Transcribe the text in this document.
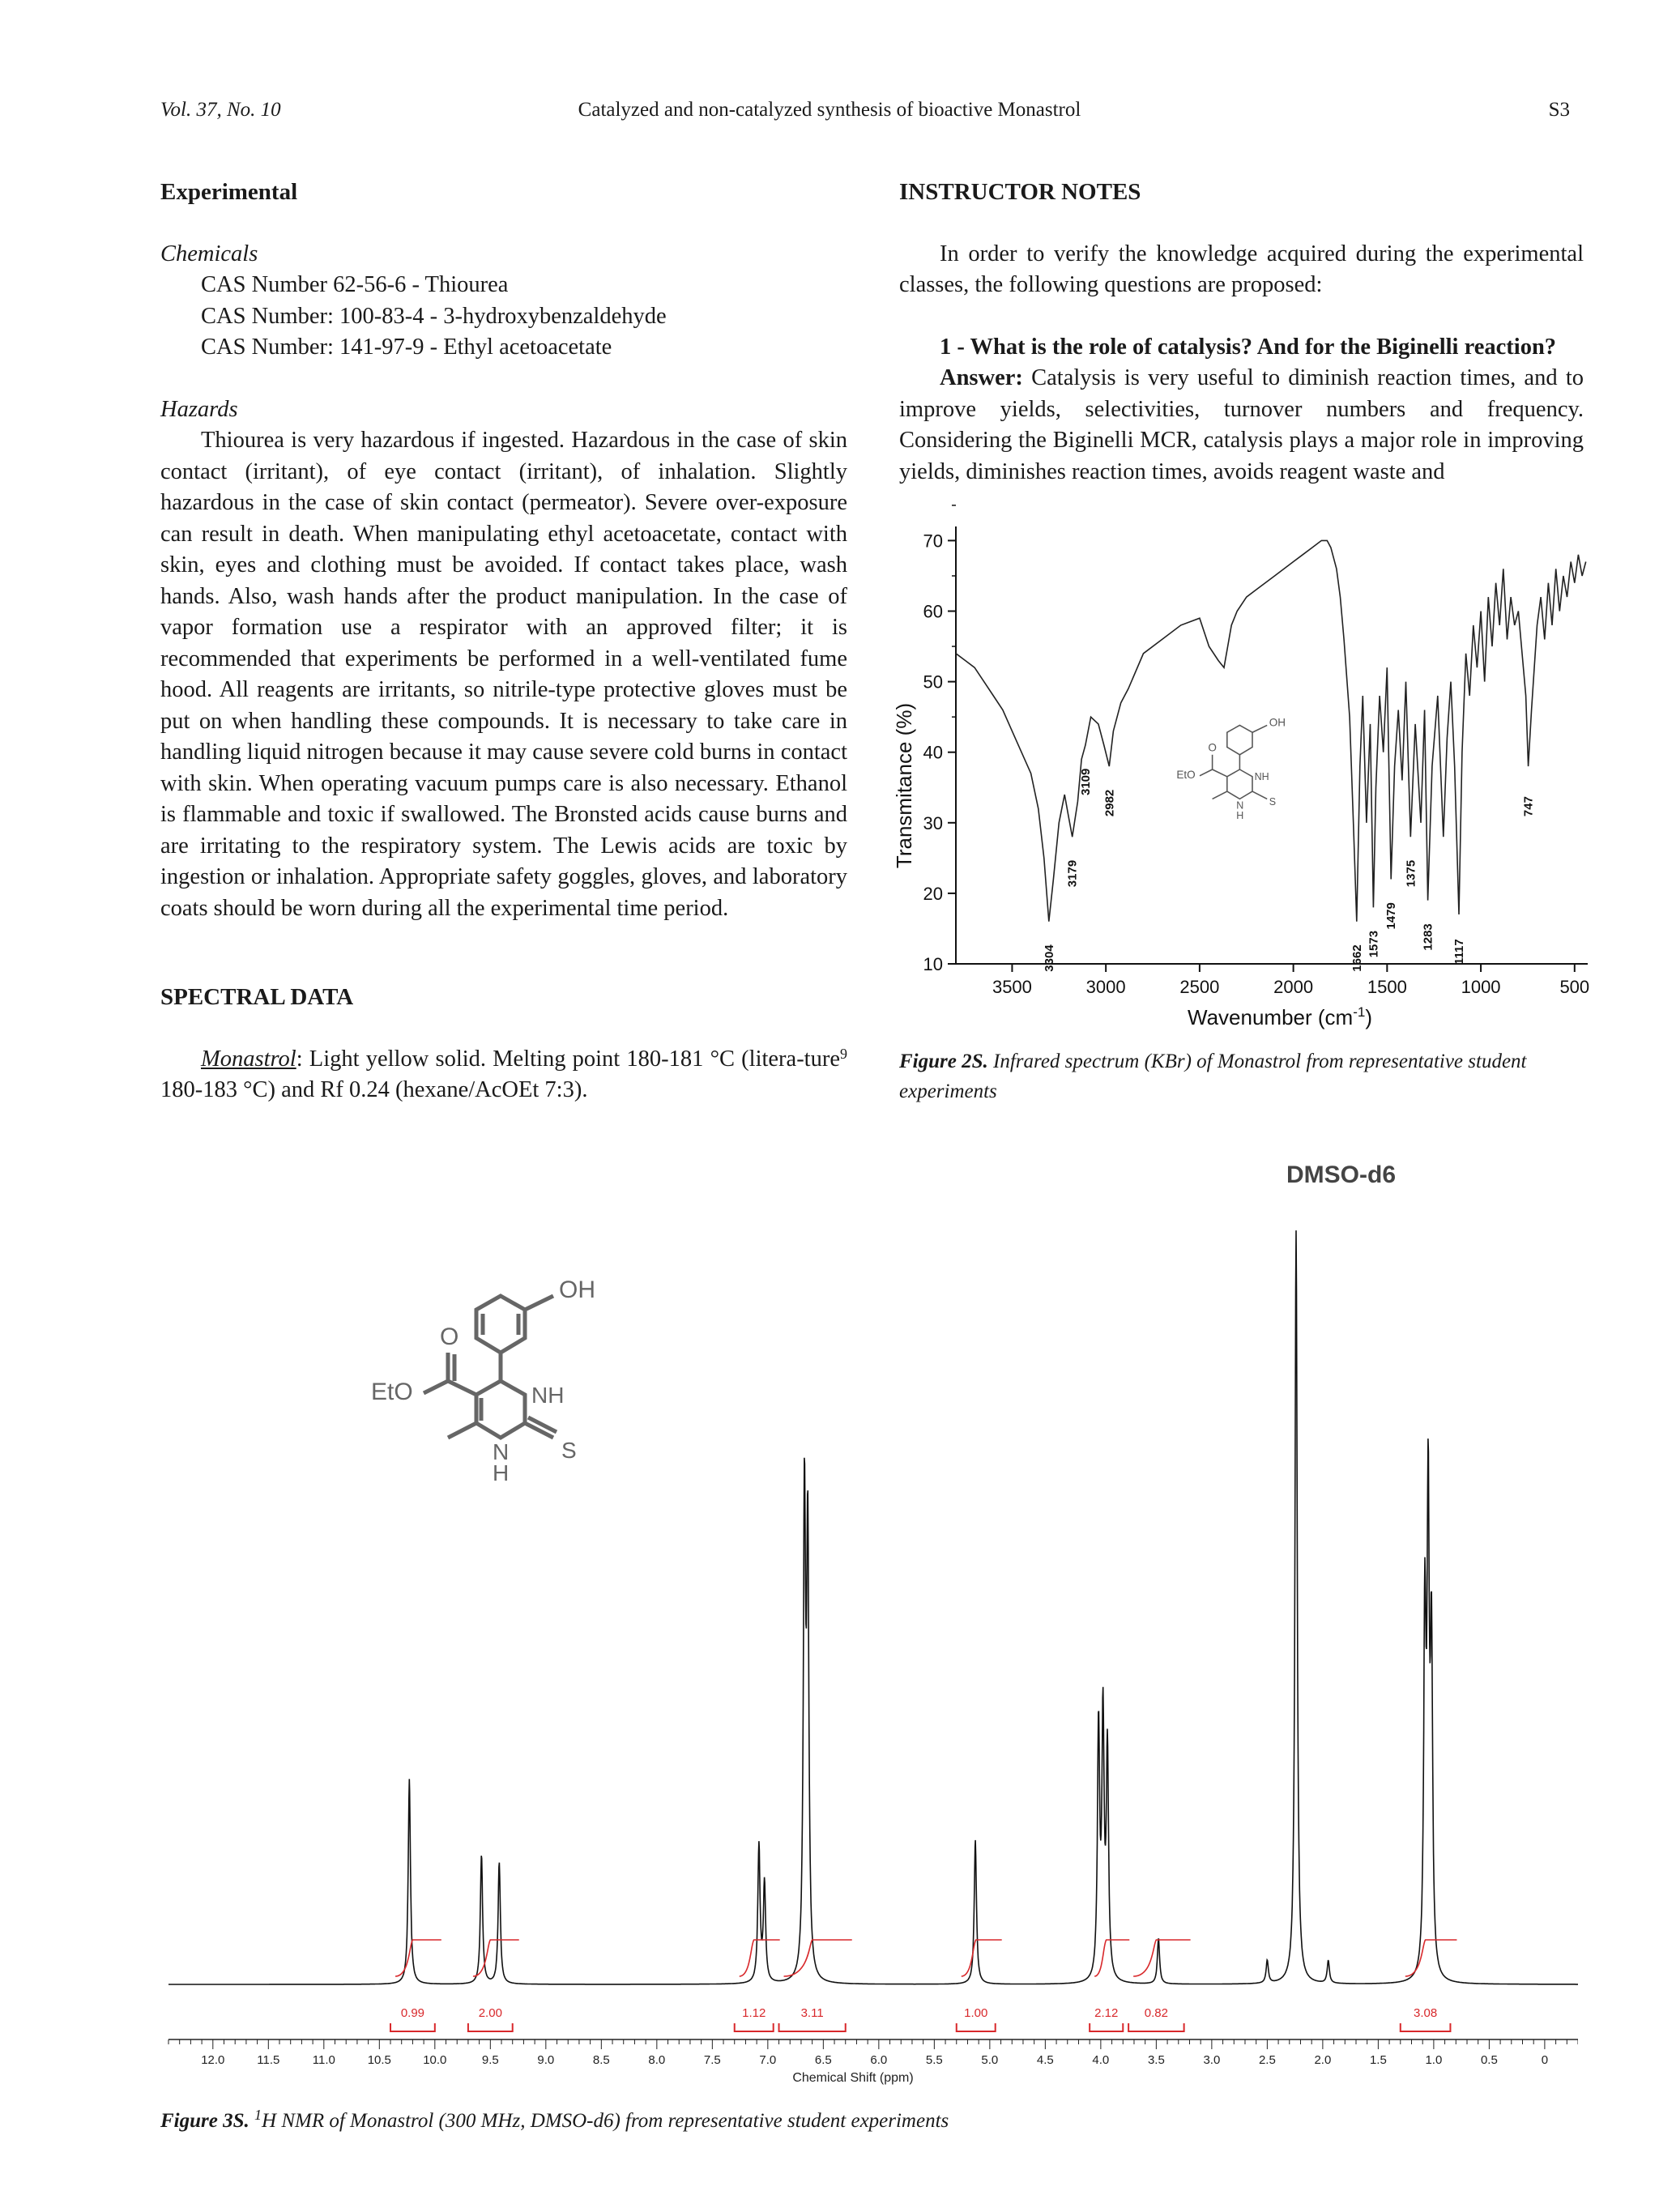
Vol. 37, No. 10	Catalyzed and non-catalyzed synthesis of bioactive Monastrol	S3
Experimental
Chemicals
CAS Number 62-56-6 - Thiourea
CAS Number: 100-83-4 - 3-hydroxybenzaldehyde
CAS Number: 141-97-9 - Ethyl acetoacetate
Hazards
Thiourea is very hazardous if ingested. Hazardous in the case of skin contact (irritant), of eye contact (irritant), of inhalation. Slightly hazardous in the case of skin contact (permeator). Severe over-exposure can result in death. When manipulating ethyl acetoacetate, contact with skin, eyes and clothing must be avoided. If contact takes place, wash hands. Also, wash hands after the product manipulation. In the case of vapor formation use a respirator with an approved filter; it is recommended that experiments be performed in a well-ventilated fume hood. All reagents are irritants, so nitrile-type protective gloves must be put on when handling these compounds. It is necessary to take care in handling liquid nitrogen because it may cause severe cold burns in contact with skin. When operating vacuum pumps care is also necessary. Ethanol is flammable and toxic if swallowed. The Bronsted acids cause burns and are irritating to the respiratory system. The Lewis acids are toxic by ingestion or inhalation. Appropriate safety goggles, gloves, and laboratory coats should be worn during all the experimental time period.
SPECTRAL DATA
Monastrol: Light yellow solid. Melting point 180-181 °C (litera-ture$^9$ 180-183 °C) and Rf 0.24 (hexane/AcOEt 7:3).
INSTRUCTOR NOTES
In order to verify the knowledge acquired during the experimental classes, the following questions are proposed:
1 - What is the role of catalysis? And for the Biginelli reaction?
Answer: Catalysis is very useful to diminish reaction times, and to improve yields, selectivities, turnover numbers and frequency. Considering the Biginelli MCR, catalysis plays a major role in improving yields, diminishes reaction times, avoids reagent waste and
10
20
30
40
50
60
70
3500	3000	2500	2000	1500	1000	500
3304
3179
3109
2982
1662
1573
1479
1375
1283
1117
747
OH
O
EtO	NH
N
H
S
Wavenumber $(cm^{-1})$
Transmitance (%)
Figure 2S. Infrared spectrum (KBr) of Monastrol from representative student experiments
DMSO-d6
OH
O
EtO	NH
N
H
S
0.99	2.00	1.12	3.11	1.00	2.12 0.82	3.08
12.0	11.5	11.0	10.5	10.0	9.5	9.0	8.5	8.0	7.5	7.0	6.5	6.0	5.5	5.0	4.5	4.0	3.5	3.0	2.5	2.0	1.5	1.0	0.5	0
Chemical Shift (ppm)
Figure 3S. $^1$H NMR of Monastrol (300 MHz, DMSO-d6) from representative student experiments
